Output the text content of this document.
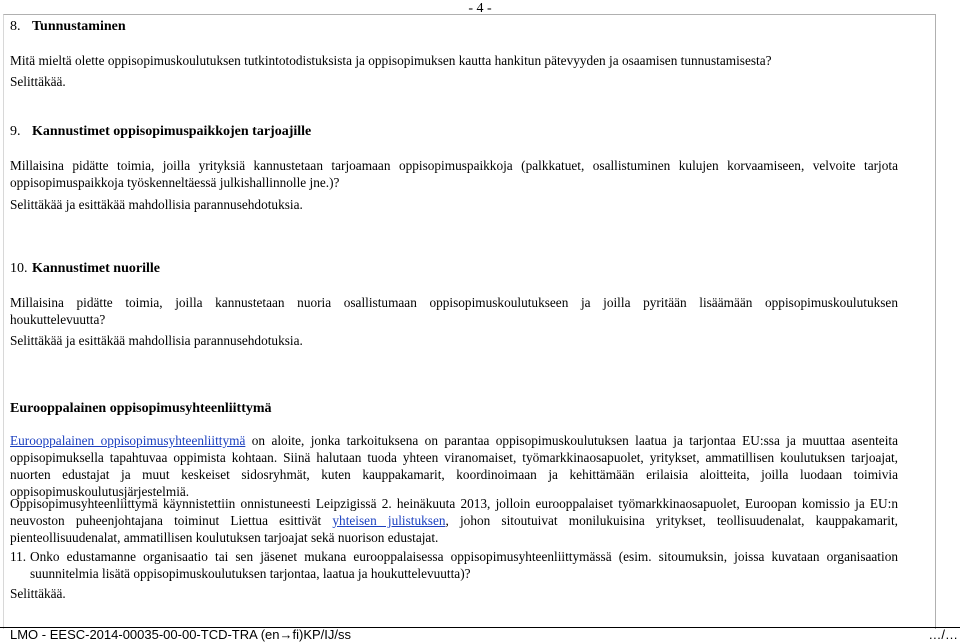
- 4 -
8. Tunnustaminen
Mitä mieltä olette oppisopimuskoulutuksen tutkintotodistuksista ja oppisopimuksen kautta hankitun pätevyyden ja osaamisen tunnustamisesta?
Selittäkää.
9. Kannustimet oppisopimuspaikkojen tarjoajille
Millaisina pidätte toimia, joilla yrityksiä kannustetaan tarjoamaan oppisopimuspaikkoja (palkkatuet, osallistuminen kulujen korvaamiseen, velvoite tarjota
oppisopimuspaikkoja työskenneltäessä julkishallinnolle jne.)?
Selittäkää ja esittäkää mahdollisia parannusehdotuksia.
10. Kannustimet nuorille
Millaisina pidätte toimia, joilla kannustetaan nuoria osallistumaan oppisopimuskoulutukseen ja joilla pyritään lisäämään oppisopimuskoulutuksen
houkuttelevuutta?
Selittäkää ja esittäkää mahdollisia parannusehdotuksia.
Eurooppalainen oppisopimusyhteenliittymä
Eurooppalainen oppisopimusyhteenliittymä on aloite, jonka tarkoituksena on parantaa oppisopimuskoulutuksen laatua ja tarjontaa EU:ssa ja muuttaa asenteita
oppisopimuksella tapahtuvaa oppimista kohtaan. Siinä halutaan tuoda yhteen viranomaiset, työmarkkinaosapuolet, yritykset, ammatillisen koulutuksen tarjoajat,
nuorten edustajat ja muut keskeiset sidosryhmät, kuten kauppakamarit, koordinoimaan ja kehittämään erilaisia aloitteita, joilla luodaan toimivia
oppisopimuskoulutusjärjestelmiä.
Oppisopimusyhteenliittymä käynnistettiin onnistuneesti Leipzigissä 2. heinäkuuta 2013, jolloin eurooppalaiset työmarkkinaosapuolet, Euroopan komissio ja EU:n
neuvoston puheenjohtajana toiminut Liettua esittivät yhteisen julistuksen, johon sitoutuivat monilukuisina yritykset, teollisuudenalat, kauppakamarit,
pienteollisuudenalat, ammatillisen koulutuksen tarjoajat sekä nuorison edustajat.
11. Onko edustamanne organisaatio tai sen jäsenet mukana eurooppalaisessa oppisopimusyhteenliittymässä (esim. sitoumuksin, joissa kuvataan organisaation
suunnitelmia lisätä oppisopimuskoulutuksen tarjontaa, laatua ja houkuttelevuutta)?
Selittäkää.
LMO - EESC-2014-00035-00-00-TCD-TRA (en→fi)KP/IJ/ss	…/…
